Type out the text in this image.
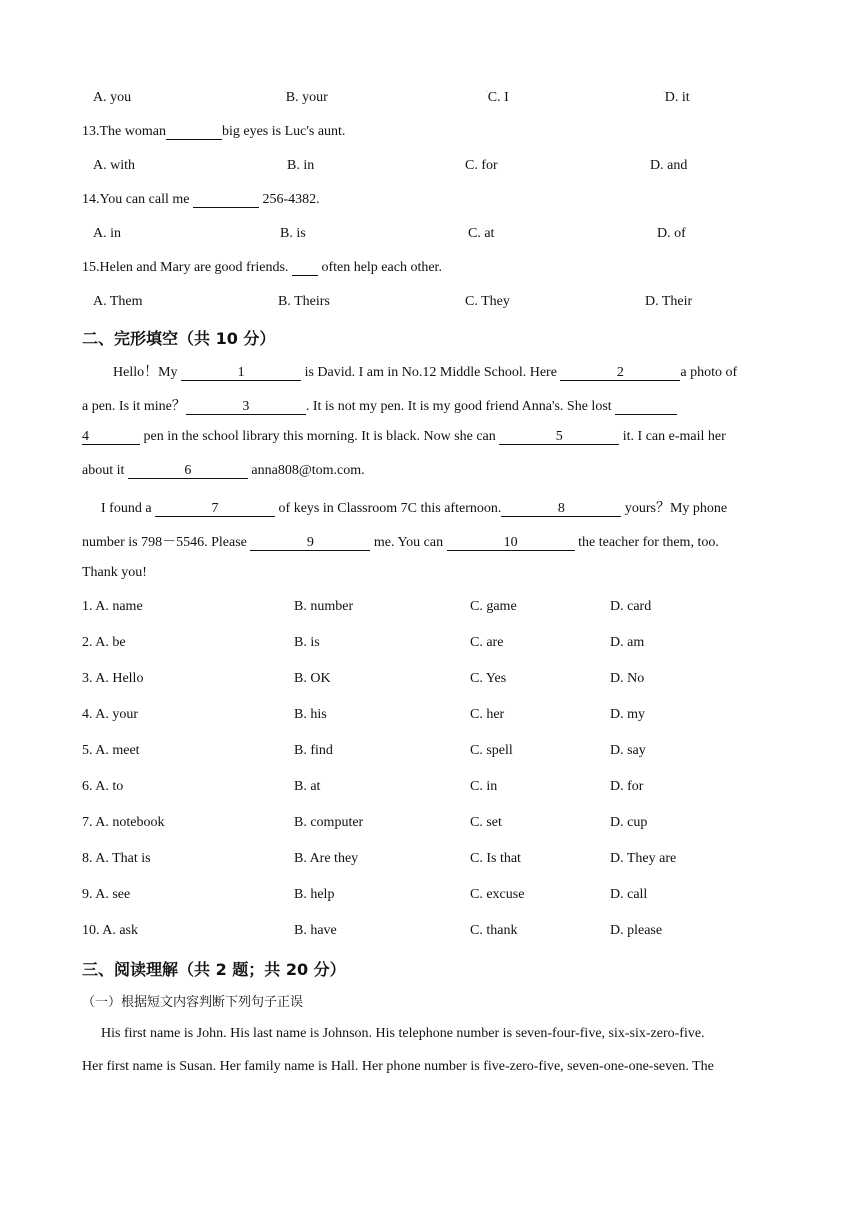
A. you	▫B. your	▫C. I	▫D. it
13.The woman	big eyes is Luc's aunt.
A. with	B. in	C. for	D. and
14.You can call me	256-4382.
A. in	B. is	C. at	D. of
15.Helen and Mary are good friends. often help each other.
A. Them	B. Theirs	C. They	D. Their
二、完形填空（共 10 分）
Hello！My	1	is David. I am in No.12 Middle School. Here	2	a photo of
a pen. Is it mine？	3	. It is not my pen. It is my good friend Anna's. She lost
4	pen in the school library this morning. It is black. Now she can	5	it. I can e-mail her
about it	6	anna808@tom.com.
I found a	7	of keys in Classroom 7C this afternoon.	8	yours？My phone
number is 798－5546. Please	9	me. You can	10	the teacher for them, too.
Thank you!
1. A. name	B. number	C. game	D. card
2. A. be	B. is	C. are	D. am
3. A. Hello	B. OK	C. Yes	D. No
4. A. your	B. his	C. her	D. my
5. A. meet	B. find	C. spell	D. say
6. A. to	B. at	C. in	D. for
7. A. notebook	B. computer	C. set	D. cup
8. A. That is	B. Are they	C. Is that	D. They are
9. A. see	B. help	C. excuse	D. call
10. A. ask	B. have	C. thank	D. please
三、阅读理解（共 2 题；共 20 分）
（一）根据短文内容判断下列句子正误
His first name is John. His last name is Johnson. His telephone number is seven-four-five, six-six-zero-five.
Her first name is Susan. Her family name is Hall. Her phone number is five-zero-five, seven-one-one-seven. The
